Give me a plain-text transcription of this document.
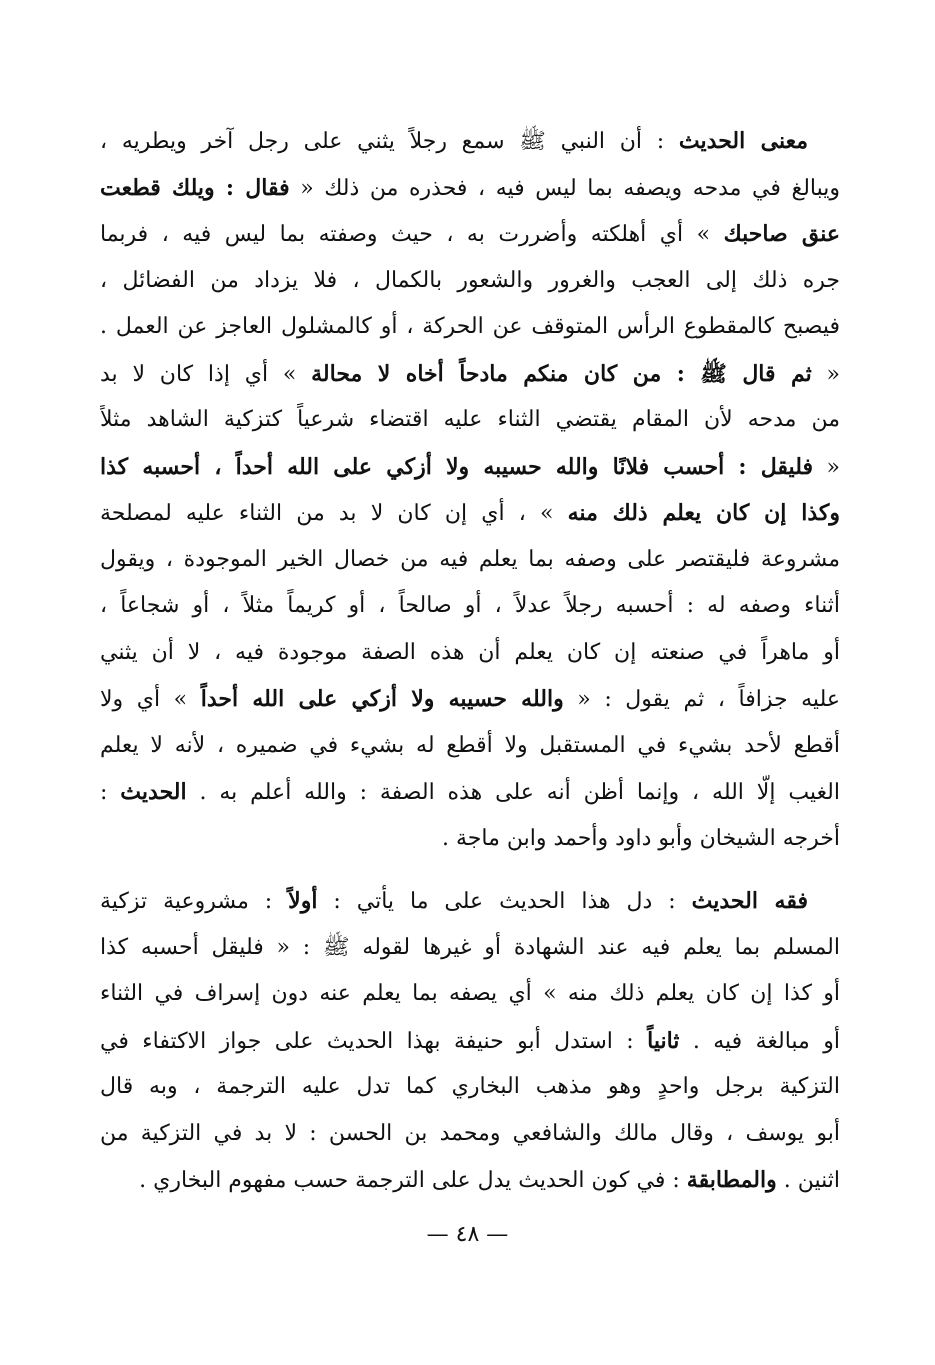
معنى الحديث : أن النبي ﷺ سمع رجلاً يثني على رجل آخر ويطريه ،
ويبالغ في مدحه ويصفه بما ليس فيه ، فحذره من ذلك « فقال : ويلك قطعت
عنق صاحبك » أي أهلكته وأضررت به ، حيث وصفته بما ليس فيه ، فربما
جره ذلك إلى العجب والغرور والشعور بالكمال ، فلا يزداد من الفضائل ،
فيصبح كالمقطوع الرأس المتوقف عن الحركة ، أو كالمشلول العاجز عن العمل .
« ثم قال ﷺ : من كان منكم مادحاً أخاه لا محالة » أي إذا كان لا بد
من مدحه لأن المقام يقتضي الثناء عليه اقتضاء شرعياً كتزكية الشاهد مثلاً
« فليقل : أحسب فلانًا والله حسيبه ولا أزكي على الله أحداً ، أحسبه كذا
وكذا إن كان يعلم ذلك منه » ، أي إن كان لا بد من الثناء عليه لمصلحة
مشروعة فليقتصر على وصفه بما يعلم فيه من خصال الخير الموجودة ، ويقول
أثناء وصفه له : أحسبه رجلاً عدلاً ، أو صالحاً ، أو كريماً مثلاً ، أو شجاعاً ،
أو ماهراً في صنعته إن كان يعلم أن هذه الصفة موجودة فيه ، لا أن يثني
عليه جزافاً ، ثم يقول : « والله حسيبه ولا أزكي على الله أحداً » أي ولا
أقطع لأحد بشيء في المستقبل ولا أقطع له بشيء في ضميره ، لأنه لا يعلم
الغيب إلّا الله ، وإنما أظن أنه على هذه الصفة : والله أعلم به . الحديث :
أخرجه الشيخان وأبو داود وأحمد وابن ماجة .
فقه الحديث : دل هذا الحديث على ما يأتي : أولاً : مشروعية تزكية
المسلم بما يعلم فيه عند الشهادة أو غيرها لقوله ﷺ : « فليقل أحسبه كذا
أو كذا إن كان يعلم ذلك منه » أي يصفه بما يعلم عنه دون إسراف في الثناء
أو مبالغة فيه . ثانياً : استدل أبو حنيفة بهذا الحديث على جواز الاكتفاء في
التزكية برجل واحدٍ وهو مذهب البخاري كما تدل عليه الترجمة ، وبه قال
أبو يوسف ، وقال مالك والشافعي ومحمد بن الحسن : لا بد في التزكية من
اثنين . والمطابقة : في كون الحديث يدل على الترجمة حسب مفهوم البخاري .
— ٤٨ —
